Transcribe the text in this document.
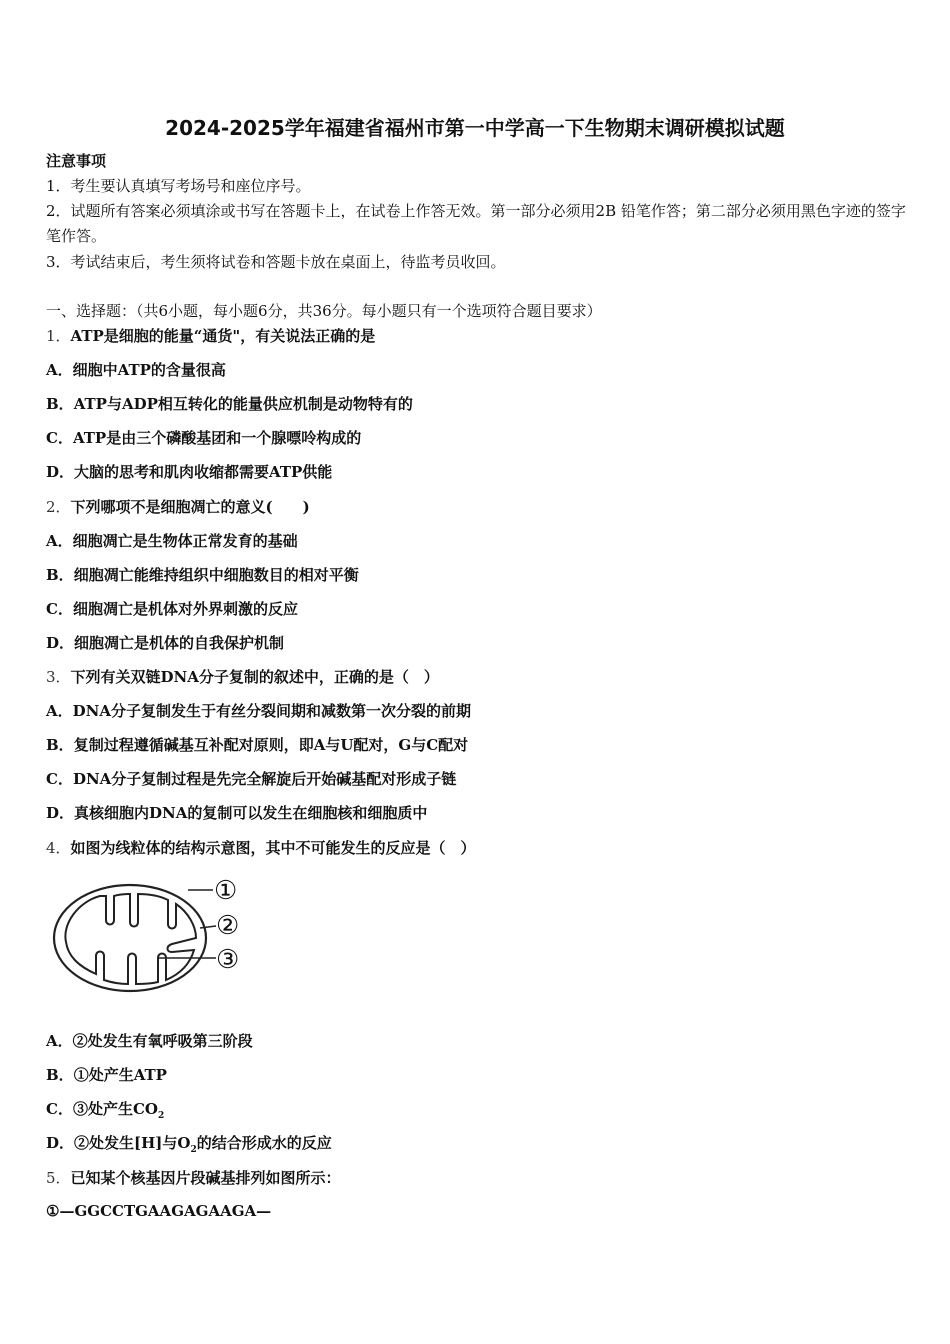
2024-2025学年福建省福州市第一中学高一下生物期末调研模拟试题
注意事项
1．考生要认真填写考场号和座位序号。
2．试题所有答案必须填涂或书写在答题卡上，在试卷上作答无效。第一部分必须用2B 铅笔作答；第二部分必须用黑色字迹的签字笔作答。
3．考试结束后，考生须将试卷和答题卡放在桌面上，待监考员收回。
一、选择题：（共6小题，每小题6分，共36分。每小题只有一个选项符合题目要求）
1．ATP是细胞的能量“通货"，有关说法正确的是
A．细胞中ATP的含量很高
B．ATP与ADP相互转化的能量供应机制是动物特有的
C．ATP是由三个磷酸基团和一个腺嘌呤构成的
D．大脑的思考和肌肉收缩都需要ATP供能
2．下列哪项不是细胞凋亡的意义(　　)
A．细胞凋亡是生物体正常发育的基础
B．细胞凋亡能维持组织中细胞数目的相对平衡
C．细胞凋亡是机体对外界刺激的反应
D．细胞凋亡是机体的自我保护机制
3．下列有关双链DNA分子复制的叙述中，正确的是（　）
A．DNA分子复制发生于有丝分裂间期和减数第一次分裂的前期
B．复制过程遵循碱基互补配对原则，即A与U配对，G与C配对
C．DNA分子复制过程是先完全解旋后开始碱基配对形成子链
D．真核细胞内DNA的复制可以发生在细胞核和细胞质中
4．如图为线粒体的结构示意图，其中不可能发生的反应是（　）
①
②
③
A．②处发生有氧呼吸第三阶段
B．①处产生ATP
C．③处产生$CO_2$
D．②处发生[H]与$O_2$的结合形成水的反应
5．已知某个核基因片段碱基排列如图所示：
①—GGCCTGAAGAGAAGA—
